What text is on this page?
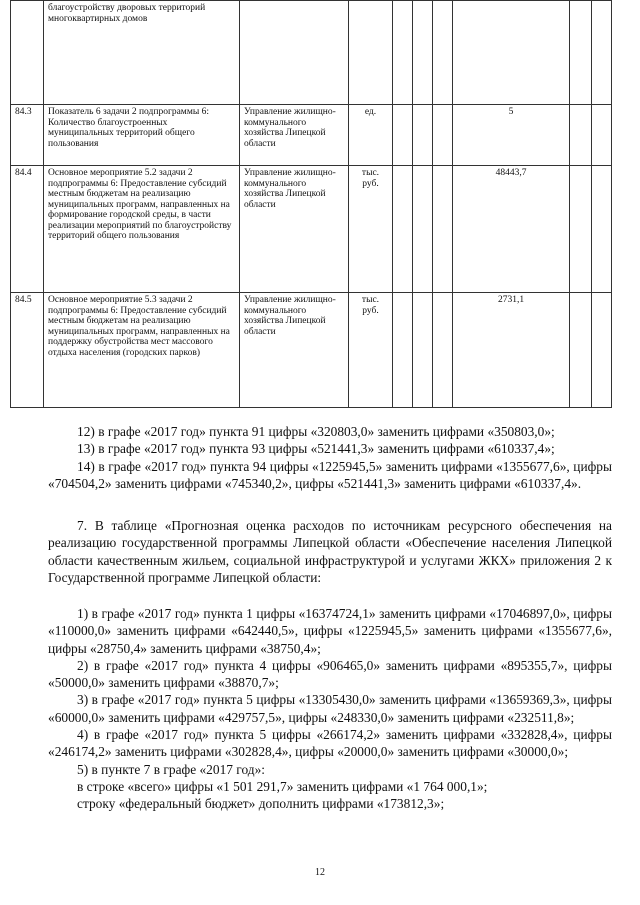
	благоустройству дворовых территорий многоквартирных домов								
84.3	Показатель 6 задачи 2 подпрограммы 6: Количество благоустроенных муниципальных территорий общего пользования	Управление жилищно-коммунального хозяйства Липецкой области	ед.				5		
84.4	Основное мероприятие 5.2 задачи 2 подпрограммы 6: Предоставление субсидий местным бюджетам на реализацию муниципальных программ, направленных на формирование городской среды, в части реализации мероприятий по благоустройству территорий общего пользования	Управление жилищно-коммунального хозяйства Липецкой области	тыс. руб.				48443,7		
84.5	Основное мероприятие 5.3 задачи 2 подпрограммы 6: Предоставление субсидий местным бюджетам на реализацию муниципальных программ, направленных на поддержку обустройства мест массового отдыха населения (городских парков)	Управление жилищно-коммунального хозяйства Липецкой области	тыс. руб.				2731,1		

12) в графе «2017 год» пункта 91 цифры «320803,0» заменить цифрами «350803,0»;

13) в графе «2017 год» пункта 93 цифры «521441,3» заменить цифрами «610337,4»;

14) в графе «2017 год» пункта 94 цифры «1225945,5» заменить цифрами «1355677,6», цифры «704504,2» заменить цифрами «745340,2», цифры «521441,3» заменить цифрами «610337,4».

7. В таблице «Прогнозная оценка расходов по источникам ресурсного обеспечения на реализацию государственной программы Липецкой области «Обеспечение населения Липецкой области качественным жильем, социальной инфраструктурой и услугами ЖКХ» приложения 2 к Государственной программе Липецкой области:

1) в графе «2017 год» пункта 1 цифры «16374724,1» заменить цифрами «17046897,0», цифры «110000,0» заменить цифрами «642440,5», цифры «1225945,5» заменить цифрами «1355677,6», цифры «28750,4» заменить цифрами «38750,4»;

2) в графе «2017 год» пункта 4 цифры «906465,0» заменить цифрами «895355,7», цифры «50000,0» заменить цифрами «38870,7»;

3) в графе «2017 год» пункта 5 цифры «13305430,0» заменить цифрами «13659369,3», цифры «60000,0» заменить цифрами «429757,5», цифры «248330,0» заменить цифрами «232511,8»;

4) в графе «2017 год» пункта 5 цифры «266174,2» заменить цифрами «332828,4», цифры «246174,2» заменить цифрами «302828,4», цифры «20000,0» заменить цифрами «30000,0»;

5) в пункте 7 в графе «2017 год»:

в строке «всего» цифры «1 501 291,7» заменить цифрами «1 764 000,1»;

строку «федеральный бюджет» дополнить цифрами «173812,3»;

12
